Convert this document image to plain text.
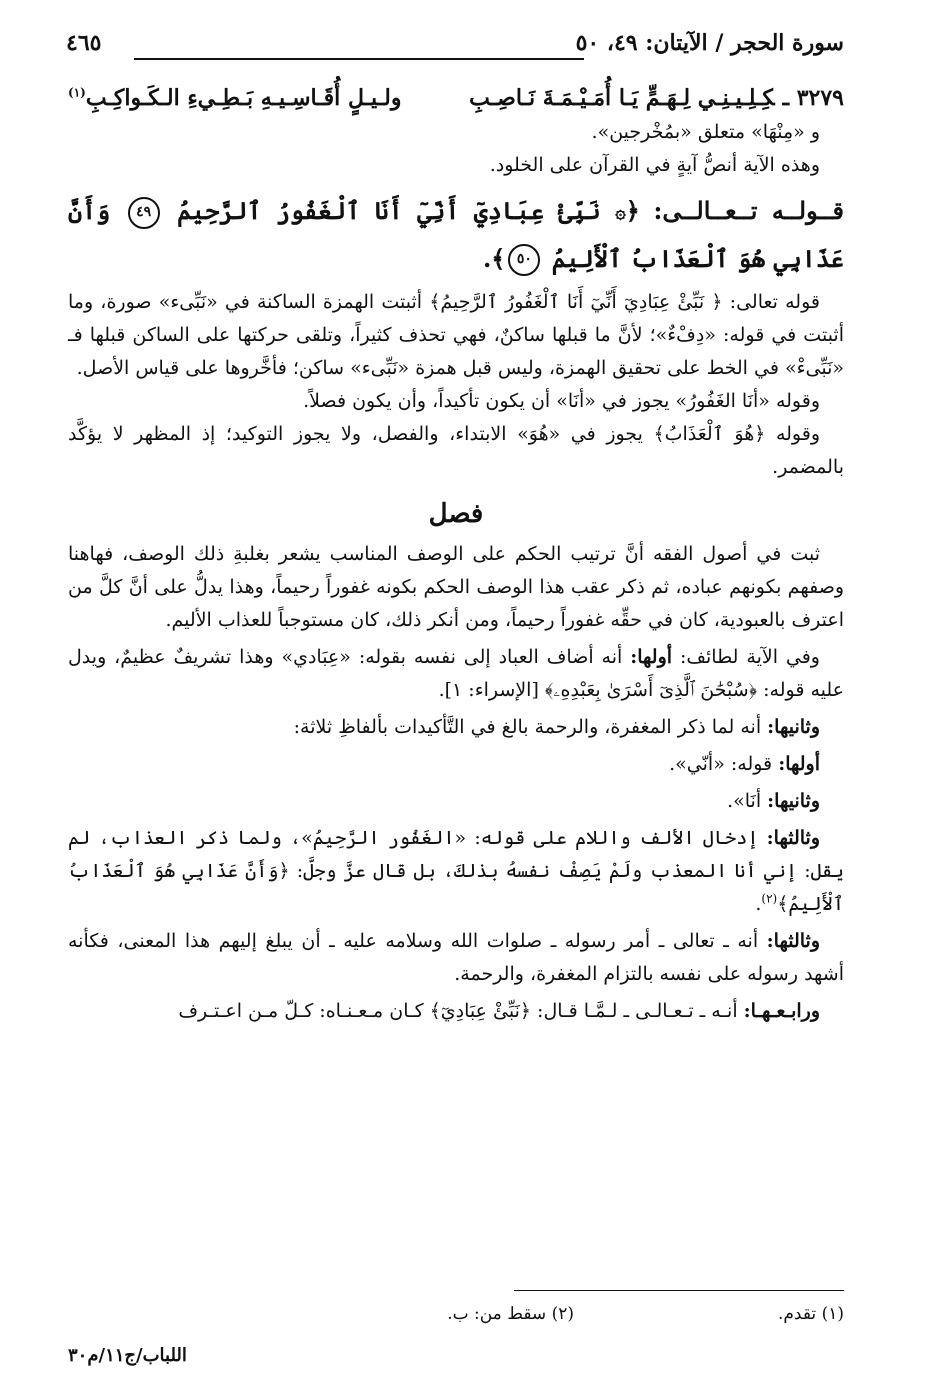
سورة الحجر / الآيتان: ٤٩، ٥٠
٤٦٥

٣٢٧٩ ـكِـلِـيـنِـي لِـهَـمٍّ يَـا أُمَـيْـمَـةَ نَـاصِـبِ
ولـيـلٍ أُقَـاسِـيـهِ بَـطِـيءِ الـكَـواكِـبِ$^{(١)}$

و «مِنْهَا» متعلق «بمُخْرجين».

وهذه الآية أنصُّ آيةٍ في القرآن على الخلود.

قــولــه تــعــالــى: ﴿۞ نَبِّئْ عِبَادِيٓ أَنِّيٓ أَنَا ٱلْغَفُورُ ٱلرَّحِيمُ ٤٩ وَأَنَّ عَذَابِي هُوَ ٱلْعَذَابُ ٱلْأَلِيمُ ٥٠﴾.

قوله تعالى: ﴿ نَبِّئْ عِبَادِيٓ أَنِّيٓ أَنَا ٱلْغَفُورُ ٱلرَّحِيمُ﴾ أثبتت الهمزة الساكنة في «نَبِّىء» صورة، وما أثبتت في قوله: «دِفْءٌ»؛ لأنَّ ما قبلها ساكنٌ، فهي تحذف كثيراً، وتلقى حركتها على الساكن قبلها فـ «نَبِّىءْ» في الخط على تحقيق الهمزة، وليس قبل همزة «نَبِّىء» ساكن؛ فأخَّروها على قياس الأصل.

وقوله «أنَا الغَفُورُ» يجوز في «أنَا» أن يكون تأكيداً، وأن يكون فصلاً.

وقوله ﴿هُوَ ٱلْعَذَابُ﴾ يجوز في «هُوَ» الابتداء، والفصل، ولا يجوز التوكيد؛ إذ المظهر لا يؤكَّد بالمضمر.

فصل

ثبت في أصول الفقه أنَّ ترتيب الحكم على الوصف المناسب يشعر بغلبةِ ذلك الوصف، فهاهنا وصفهم بكونهم عباده، ثم ذكر عقب هذا الوصف الحكم بكونه غفوراً رحيماً، وهذا يدلُّ على أنَّ كلَّ من اعترف بالعبودية، كان في حقِّه غفوراً رحيماً، ومن أنكر ذلك، كان مستوجباً للعذاب الأليم.

وفي الآية لطائف: أولها: أنه أضاف العباد إلى نفسه بقوله: «عِبَادي» وهذا تشريفٌ عظيمٌ، ويدل عليه قوله: ﴿سُبْحَٰنَ ٱلَّذِىٓ أَسْرَىٰ بِعَبْدِهِۦ﴾ [الإسراء: ١].

وثانيها: أنه لما ذكر المغفرة، والرحمة بالغ في التَّأكيدات بألفاظِ ثلاثة:

أولها: قوله: «أنّي».

وثانيها: أنَا».

وثالثها: إدخال الألف واللام على قوله: «الغَفُور الرَّحِيمُ»، ولما ذكر العذاب، لم يقل: إني أنا المعذب ولَمْ يَصِفْ نفسهُ بذلكَ، بل قال عزَّ وجلَّ: ﴿وَأَنَّ عَذَابِي هُوَ ٱلْعَذَابُ ٱلْأَلِيمُ﴾$^{(٢)}$.

وثالثها: أنه ـ تعالى ـ أمر رسوله ـ صلوات الله وسلامه عليه ـ أن يبلغ إليهم هذا المعنى، فكأنه أشهد رسوله على نفسه بالتزام المغفرة، والرحمة.

ورابـعـهـا: أنـه ـ تـعـالـى ـ لـمَّـا قـال: ﴿نَبِّئْ عِبَادِيٓ﴾ كـان مـعـنـاه: كـلّ مـن اعـتـرف

(١) تقدم.
(٢) سقط من: ب.
اللباب/ج١١/م٣٠
